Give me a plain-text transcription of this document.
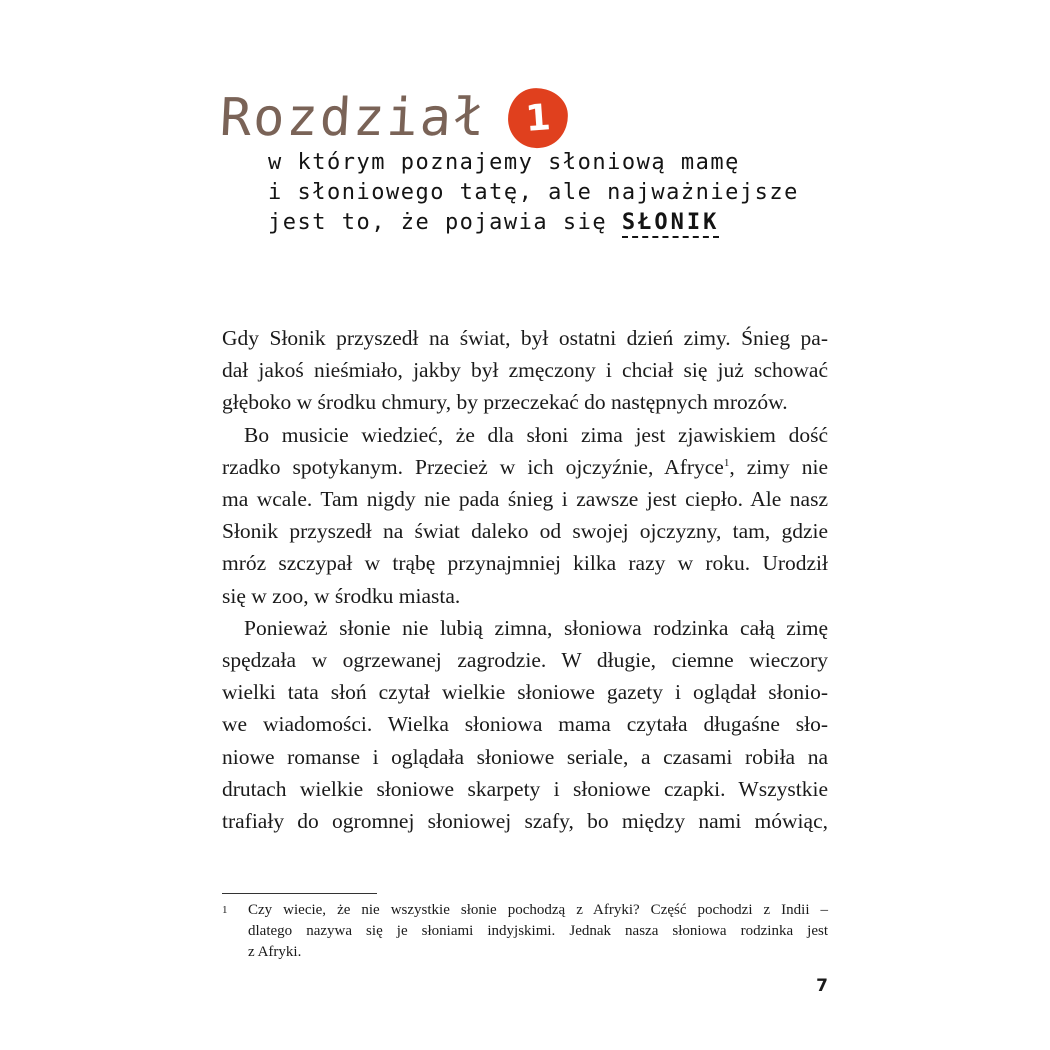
Rozdział	1
w którym poznajemy słoniową mamę
i słoniowego tatę, ale najważniejsze
jest to, że pojawia się SŁONIK
Gdy Słonik przyszedł na świat, był ostatni dzień zimy. Śnieg pa-
dał jakoś nieśmiało, jakby był zmęczony i chciał się już schować
głęboko w środku chmury, by przeczekać do następnych mrozów.
Bo musicie wiedzieć, że dla słoni zima jest zjawiskiem dość
rzadko spotykanym. Przecież w ich ojczyźnie, Afryce$^1$, zimy nie
ma wcale. Tam nigdy nie pada śnieg i zawsze jest ciepło. Ale nasz
Słonik przyszedł na świat daleko od swojej ojczyzny, tam, gdzie
mróz szczypał w trąbę przynajmniej kilka razy w roku. Urodził
się w zoo, w środku miasta.
Ponieważ słonie nie lubią zimna, słoniowa rodzinka całą zimę
spędzała w ogrzewanej zagrodzie. W długie, ciemne wieczory
wielki tata słoń czytał wielkie słoniowe gazety i oglądał słonio-
we wiadomości. Wielka słoniowa mama czytała długaśne sło-
niowe romanse i oglądała słoniowe seriale, a czasami robiła na
drutach wielkie słoniowe skarpety i słoniowe czapki. Wszystkie
trafiały do ogromnej słoniowej szafy, bo między nami mówiąc,
1 Czy wiecie, że nie wszystkie słonie pochodzą z Afryki? Część pochodzi z Indii –
dlatego nazywa się je słoniami indyjskimi. Jednak nasza słoniowa rodzinka jest
z Afryki.
7
